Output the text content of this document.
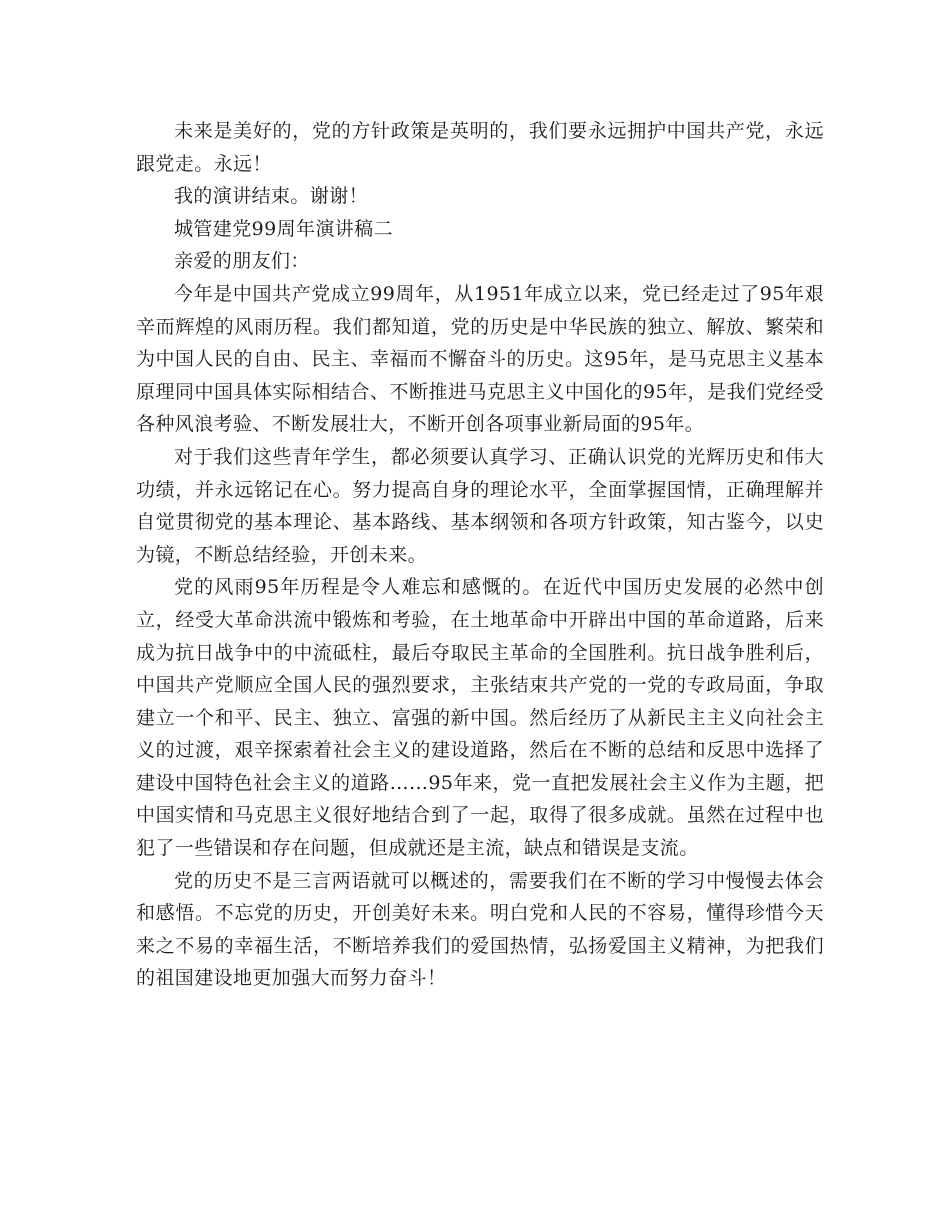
未来是美好的，党的方针政策是英明的，我们要永远拥护中国共产党，永远跟党走。永远！

我的演讲结束。谢谢！

城管建党99周年演讲稿二

亲爱的朋友们：

今年是中国共产党成立99周年，从1951年成立以来，党已经走过了95年艰辛而辉煌的风雨历程。我们都知道，党的历史是中华民族的独立、解放、繁荣和为中国人民的自由、民主、幸福而不懈奋斗的历史。这95年，是马克思主义基本原理同中国具体实际相结合、不断推进马克思主义中国化的95年，是我们党经受各种风浪考验、不断发展壮大，不断开创各项事业新局面的95年。

对于我们这些青年学生，都必须要认真学习、正确认识党的光辉历史和伟大功绩，并永远铭记在心。努力提高自身的理论水平，全面掌握国情，正确理解并自觉贯彻党的基本理论、基本路线、基本纲领和各项方针政策，知古鉴今，以史为镜，不断总结经验，开创未来。

党的风雨95年历程是令人难忘和感慨的。在近代中国历史发展的必然中创立，经受大革命洪流中锻炼和考验，在土地革命中开辟出中国的革命道路，后来成为抗日战争中的中流砥柱，最后夺取民主革命的全国胜利。抗日战争胜利后，中国共产党顺应全国人民的强烈要求，主张结束共产党的一党的专政局面，争取建立一个和平、民主、独立、富强的新中国。然后经历了从新民主主义向社会主义的过渡，艰辛探索着社会主义的建设道路，然后在不断的总结和反思中选择了建设中国特色社会主义的道路……95年来，党一直把发展社会主义作为主题，把中国实情和马克思主义很好地结合到了一起，取得了很多成就。虽然在过程中也犯了一些错误和存在问题，但成就还是主流，缺点和错误是支流。

党的历史不是三言两语就可以概述的，需要我们在不断的学习中慢慢去体会和感悟。不忘党的历史，开创美好未来。明白党和人民的不容易，懂得珍惜今天来之不易的幸福生活，不断培养我们的爱国热情，弘扬爱国主义精神，为把我们的祖国建设地更加强大而努力奋斗！
